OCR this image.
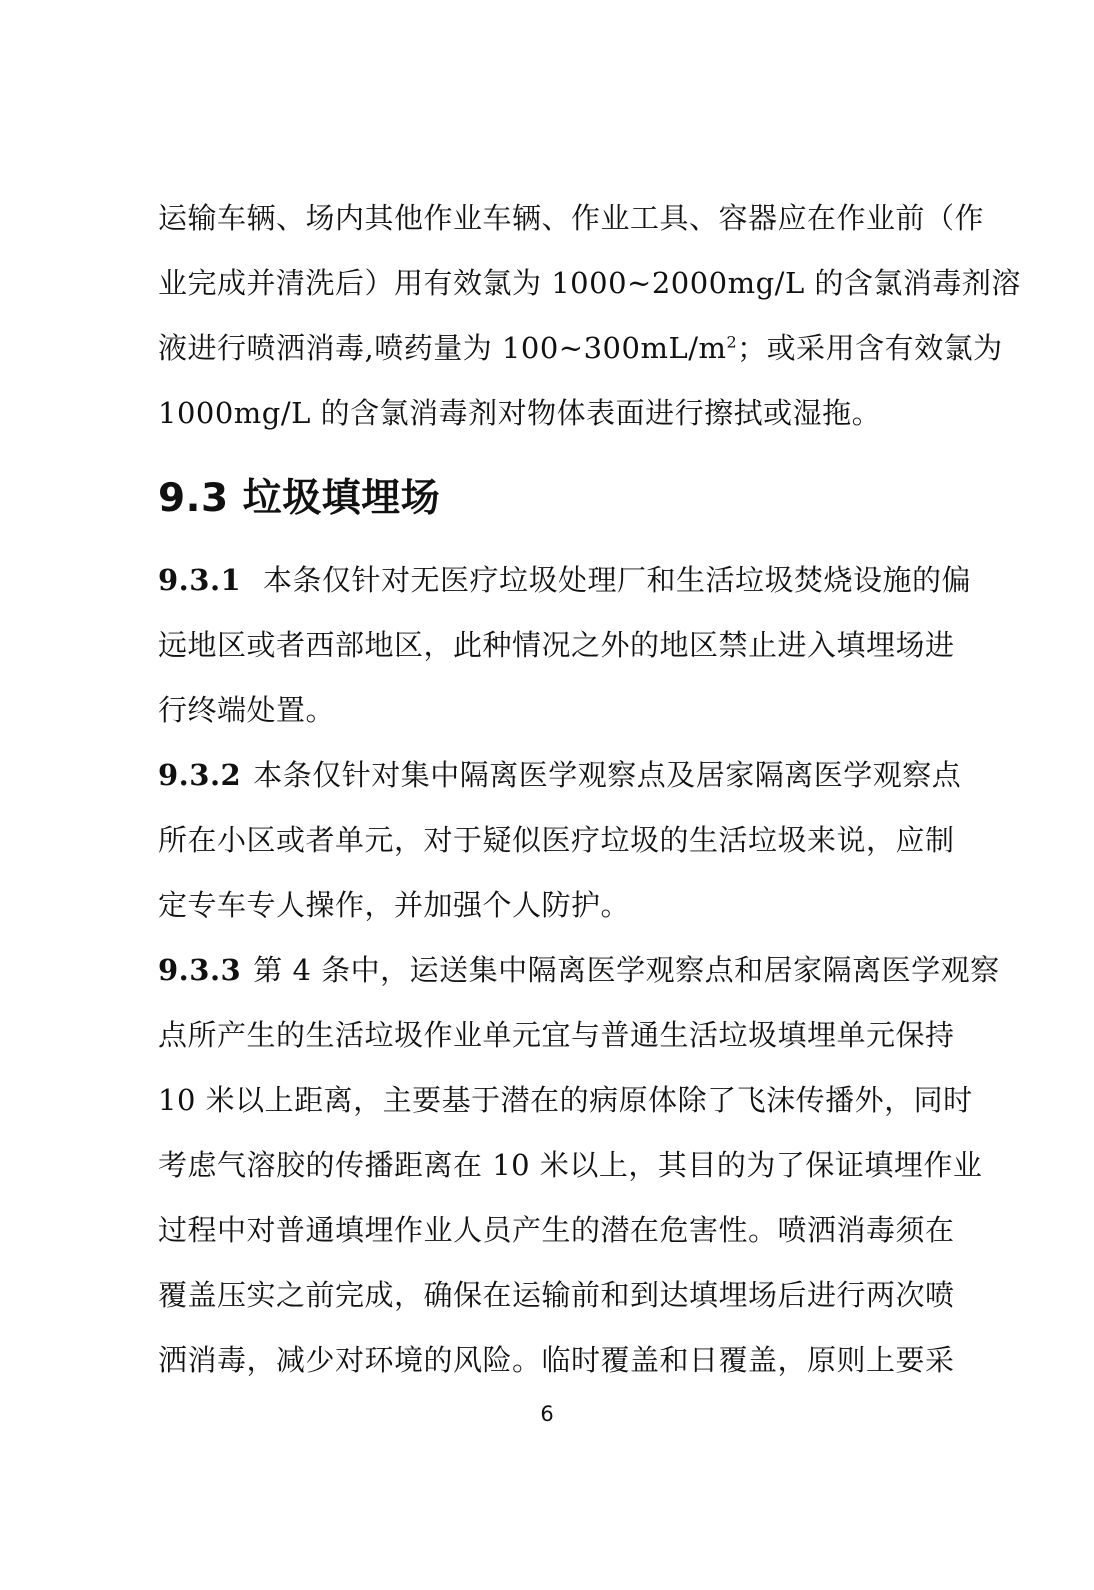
运输车辆、场内其他作业车辆、作业工具、容器应在作业前（作
业完成并清洗后）用有效氯为 1000~2000mg/L 的含氯消毒剂溶
液进行喷洒消毒,喷药量为 $100\sim 300mL/m^2$；或采用含有效氯为
1000mg/L 的含氯消毒剂对物体表面进行擦拭或湿拖。
9.3 垃圾填埋场
9.3.1 本条仅针对无医疗垃圾处理厂和生活垃圾焚烧设施的偏
远地区或者西部地区，此种情况之外的地区禁止进入填埋场进
行终端处置。
9.3.2 本条仅针对集中隔离医学观察点及居家隔离医学观察点
所在小区或者单元，对于疑似医疗垃圾的生活垃圾来说，应制
定专车专人操作，并加强个人防护。
9.3.3 第 4 条中，运送集中隔离医学观察点和居家隔离医学观察
点所产生的生活垃圾作业单元宜与普通生活垃圾填埋单元保持
10 米以上距离，主要基于潜在的病原体除了飞沫传播外，同时
考虑气溶胶的传播距离在 10 米以上，其目的为了保证填埋作业
过程中对普通填埋作业人员产生的潜在危害性。喷洒消毒须在
覆盖压实之前完成，确保在运输前和到达填埋场后进行两次喷
洒消毒，减少对环境的风险。临时覆盖和日覆盖，原则上要采
6
